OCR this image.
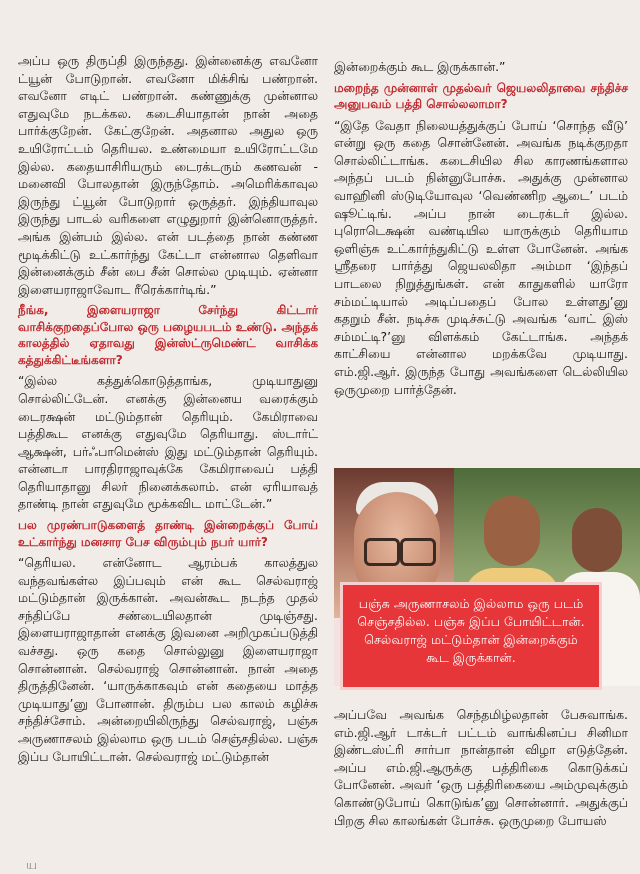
அப்ப ஒரு திருப்தி இருந்தது. இன்னைக்கு எவனோ ட்யூன் போடுறான். எவனோ மிக்சிங் பண்றான். எவனோ எடிட் பண்றான். கண்ணுக்கு முன்னால எதுவுமே நடக்கல. கடைசியாதான் நான் அதை பார்க்குறேன். கேட்குறேன். அதனால அதுல ஒரு உயிரோட்டம் தெரியல. உண்மையா உயிரோட்டமே இல்ல. கதையாசிரியரும் டைரக்டரும் கணவன் - மனைவி போலதான் இருந்தோம். அமெரிக்காவுல இருந்து ட்யூன் போடுறார் ஒருத்தர். இந்தியாவுல இருந்து பாடல் வரிகளை எழுதுறார் இன்னொருத்தர். அங்க இன்பம் இல்ல. என் படத்தை நான் கண்ண மூடிக்கிட்டு உட்கார்ந்து கேட்டா என்னால தெளிவா இன்னைக்கும் சீன் பை சீன் சொல்ல முடியும். ஏன்னா இளையராஜாவோட ரீரெக்கார்டிங்.”

நீங்க, இளையராஜா சேர்ந்து கிட்டார் வாசிக்குறதைப்போல ஒரு பழையபடம் உண்டு. அந்தக் காலத்தில் ஏதாவது இன்ஸ்ட்ருமெண்ட் வாசிக்க கத்துக்கிட்டீங்களா?

“இல்ல கத்துக்கொடுத்தாங்க, முடியாதுனு சொல்லிட்டேன். எனக்கு இன்னைய வரைக்கும் டைரக்ஷன் மட்டும்தான் தெரியும். கேமிராவை பத்திகூட எனக்கு எதுவுமே தெரியாது. ஸ்டார்ட் ஆக்ஷன், பர்ஃபாமென்ஸ் இது மட்டும்தான் தெரியும். என்னடா பாரதிராஜாவுக்கே கேமிராவைப் பத்தி தெரியாதானு சிலர் நினைக்கலாம். என் ஏரியாவத் தாண்டி நான் எதுவுமே மூக்கவிட மாட்டேன்.”

பல முரண்பாடுகளைத் தாண்டி இன்றைக்குப் போய் உட்கார்ந்து மனசார பேச விரும்பும் நபர் யார்?

“தெரியல. என்னோட ஆரம்பக் காலத்துல வந்தவங்கள்ல இப்பவும் என் கூட செல்வராஜ் மட்டும்தான் இருக்கான். அவன்கூட நடந்த முதல் சந்திப்பே சண்டையிலதான் முடிஞ்சது. இளையராஜாதான் எனக்கு இவனை அறிமுகப்படுத்தி வச்சது. ஒரு கதை சொல்லுனு இளையராஜா சொன்னான். செல்வராஜ் சொன்னான். நான் அதை திருத்தினேன். ‘யாருக்காகவும் என் கதையை மாத்த முடியாது’னு போனான். திரும்ப பல காலம் கழிச்சு சந்திச்சோம். அன்றையிலிருந்து செல்வராஜ், பஞ்சு அருணாசலம் இல்லாம ஒரு படம் செஞ்சதில்ல. பஞ்சு இப்ப போயிட்டான். செல்வராஜ் மட்டும்தான்

இன்றைக்கும் கூட இருக்கான்.”

மறைந்த முன்னாள் முதல்வர் ஜெயலலிதாவை சந்திச்ச அனுபவம் பத்தி சொல்லலாமா?

“இதே வேதா நிலையத்துக்குப் போய் ‘சொந்த வீடு’ என்று ஒரு கதை சொன்னேன். அவங்க நடிக்குறதா சொல்லிட்டாங்க. கடைசியில சில காரணங்களால அந்தப் படம் நின்னுபோச்சு. அதுக்கு முன்னால வாஹினி ஸ்டுடியோவுல ‘வெண்ணிற ஆடை’ படம் ஷூட்டிங். அப்ப நான் டைரக்டர் இல்ல. புரொடெக்ஷன் வண்டியில யாருக்கும் தெரியாம ஒளிஞ்சு உட்கார்ந்துகிட்டு உள்ள போனேன். அங்க ஸ்ரீதரை பார்த்து ஜெயலலிதா அம்மா ‘இந்தப் பாடலை நிறுத்துங்கள். என் காதுகளில் யாரோ சம்மட்டியால் அடிப்பதைப் போல உள்ளது’னு கதறும் சீன். நடிச்சு முடிச்சுட்டு அவங்க ‘வாட் இஸ் சம்மட்டி?’னு விளக்கம் கேட்டாங்க. அந்தக் காட்சியை என்னால மறக்கவே முடியாது. எம்.ஜி.ஆர். இருந்த போது அவங்களை டெல்லியில ஒருமுறை பார்த்தேன்.

பஞ்சு அருணாசலம் இல்லாம ஒரு படம் செஞ்சதில்ல. பஞ்சு இப்ப போயிட்டான். செல்வராஜ் மட்டும்தான் இன்றைக்கும் கூட இருக்கான்.
அப்பவே அவங்க செந்தமிழ்லதான் பேசுவாங்க. எம்.ஜி.ஆர் டாக்டர் பட்டம் வாங்கினப்ப சினிமா இண்டஸ்ட்ரி சார்பா நான்தான் விழா எடுத்தேன். அப்ப எம்.ஜி.ஆருக்கு பத்திரிகை கொடுக்கப் போனேன். அவர் ‘ஒரு பத்திரிகையை அம்முவுக்கும் கொண்டுபோய் கொடுங்க’னு சொன்னார். அதுக்குப் பிறகு சில காலங்கள் போச்சு. ஒருமுறை போயஸ்
ய
